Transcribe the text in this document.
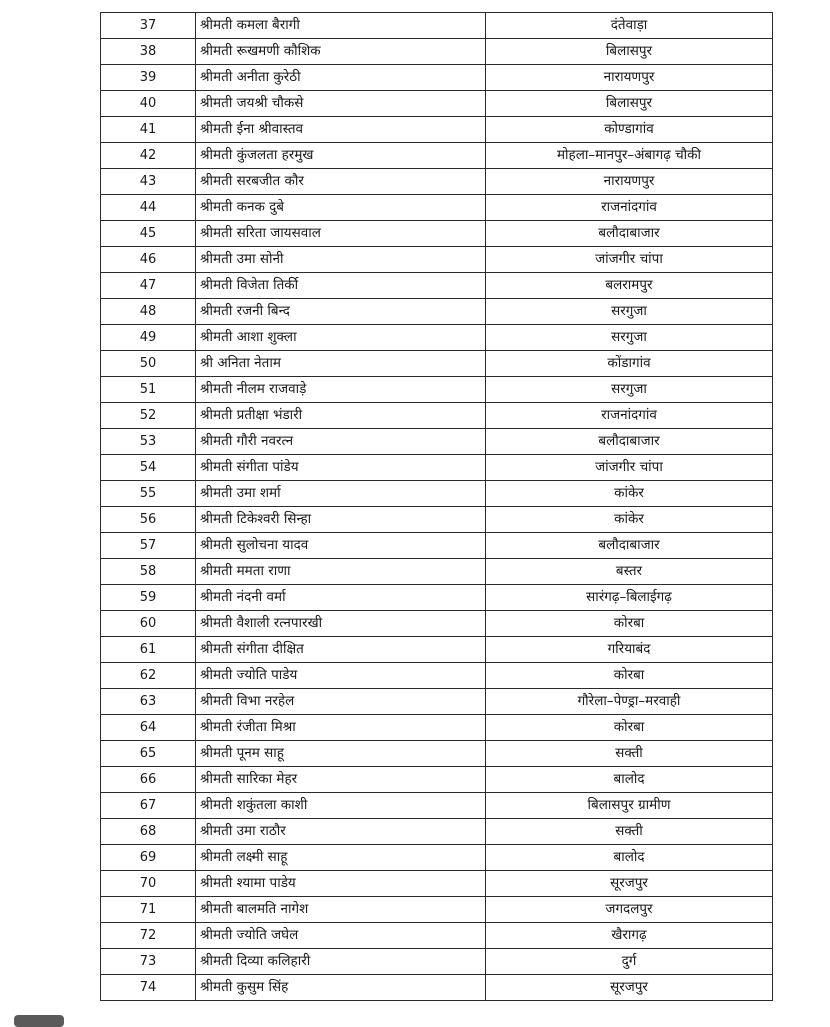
37	श्रीमती कमला बैरागी	दंतेवाड़ा
38	श्रीमती रूखमणी कौशिक	बिलासपुर
39	श्रीमती अनीता कुरेठी	नारायणपुर
40	श्रीमती जयश्री चौकसे	बिलासपुर
41	श्रीमती ईना श्रीवास्तव	कोण्डागांव
42	श्रीमती कुंजलता हरमुख	मोहला–मानपुर–अंबागढ़ चौकी
43	श्रीमती सरबजीत कौर	नारायणपुर
44	श्रीमती कनक दुबे	राजनांदगांव
45	श्रीमती सरिता जायसवाल	बलौदाबाजार
46	श्रीमती उमा सोनी	जांजगीर चांपा
47	श्रीमती विजेता तिर्की	बलरामपुर
48	श्रीमती रजनी बिन्द	सरगुजा
49	श्रीमती आशा शुक्ला	सरगुजा
50	श्री अनिता नेताम	कोंडागांव
51	श्रीमती नीलम राजवाड़े	सरगुजा
52	श्रीमती प्रतीक्षा भंडारी	राजनांदगांव
53	श्रीमती गौरी नवरत्न	बलौदाबाजार
54	श्रीमती संगीता पांडेय	जांजगीर चांपा
55	श्रीमती उमा शर्मा	कांकेर
56	श्रीमती टिकेश्वरी सिन्हा	कांकेर
57	श्रीमती सुलोचना यादव	बलौदाबाजार
58	श्रीमती ममता राणा	बस्तर
59	श्रीमती नंदनी वर्मा	सारंगढ़–बिलाईगढ़
60	श्रीमती वैशाली रत्नपारखी	कोरबा
61	श्रीमती संगीता दीक्षित	गरियाबंद
62	श्रीमती ज्योति पाडेय	कोरबा
63	श्रीमती विभा नरहेल	गौरेला–पेण्ड्रा–मरवाही
64	श्रीमती रंजीता मिश्रा	कोरबा
65	श्रीमती पूनम साहू	सक्ती
66	श्रीमती सारिका मेहर	बालोद
67	श्रीमती शकुंतला काशी	बिलासपुर ग्रामीण
68	श्रीमती उमा राठौर	सक्ती
69	श्रीमती लक्ष्मी साहू	बालोद
70	श्रीमती श्यामा पाडेय	सूरजपुर
71	श्रीमती बालमति नागेश	जगदलपुर
72	श्रीमती ज्योति जघेल	खैरागढ़
73	श्रीमती दिव्या कलिहारी	दुर्ग
74	श्रीमती कुसुम सिंह	सूरजपुर
